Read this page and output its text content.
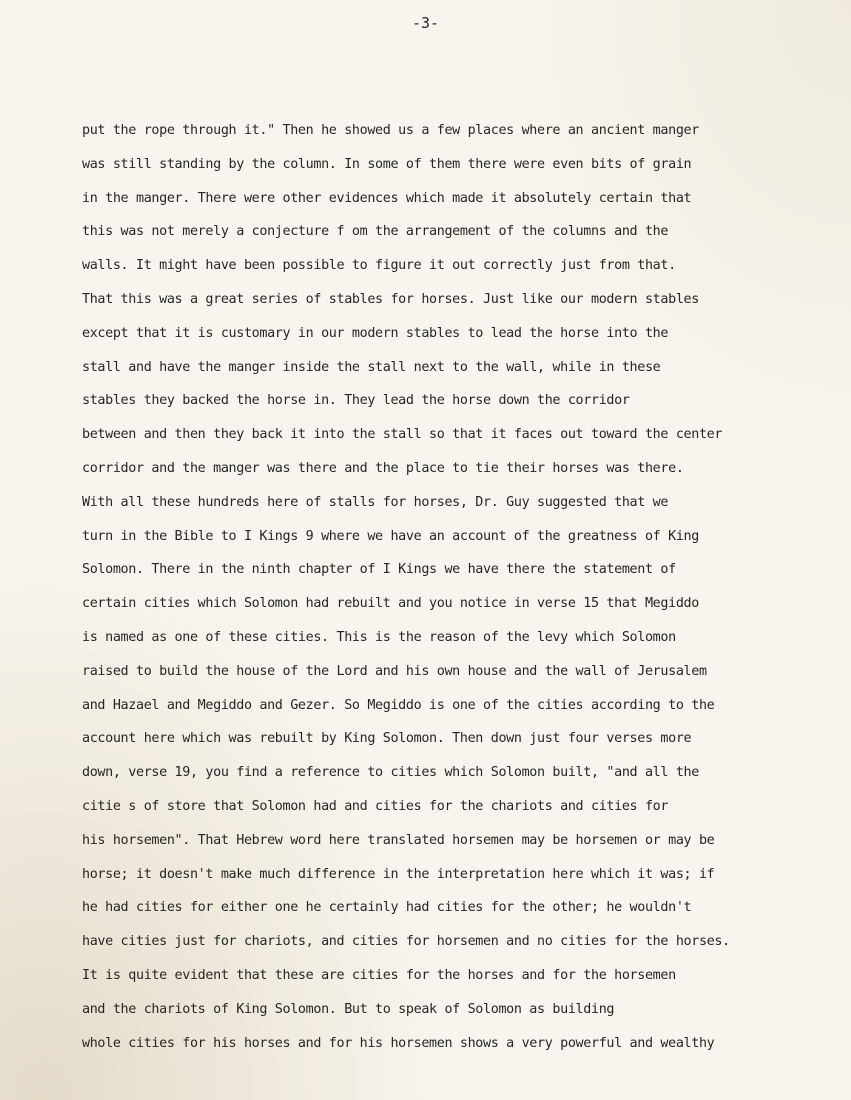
-3-
put the rope through it." Then he showed us a few places where an ancient manger
was still standing by the column. In some of them there were even bits of grain
in the manger. There were other evidences which made it absolutely certain that
this was not merely a conjecture f om the arrangement of the columns and the
walls. It might have been possible to figure it out correctly just from that.
That this was a great series of stables for horses. Just like our modern stables
except that it is customary in our modern stables to lead the horse into the
stall and have the manger inside the stall next to the wall, while in these
stables they backed the horse in. They lead the horse down the corridor
between and then they back it into the stall so that it faces out toward the center
corridor and the manger was there and the place to tie their horses was there.
With all these hundreds here of stalls for horses, Dr. Guy suggested that we
turn in the Bible to I Kings 9 where we have an account of the greatness of King
Solomon. There in the ninth chapter of I Kings we have there the statement of
certain cities which Solomon had rebuilt and you notice in verse 15 that Megiddo
is named as one of these cities. This is the reason of the levy which Solomon
raised to build the house of the Lord and his own house and the wall of Jerusalem
and Hazael and Megiddo and Gezer. So Megiddo is one of the cities according to the
account here which was rebuilt by King Solomon. Then down just four verses more
down, verse 19, you find a reference to cities which Solomon built, "and all the
citie s of store that Solomon had and cities for the chariots and cities for
his horsemen". That Hebrew word here translated horsemen may be horsemen or may be
horse; it doesn't make much difference in the interpretation here which it was; if
he had cities for either one he certainly had cities for the other; he wouldn't
have cities just for chariots, and cities for horsemen and no cities for the horses.
It is quite evident that these are cities for the horses and for the horsemen
and the chariots of King Solomon. But to speak of Solomon as building
whole cities for his horses and for his horsemen shows a very powerful and wealthy
